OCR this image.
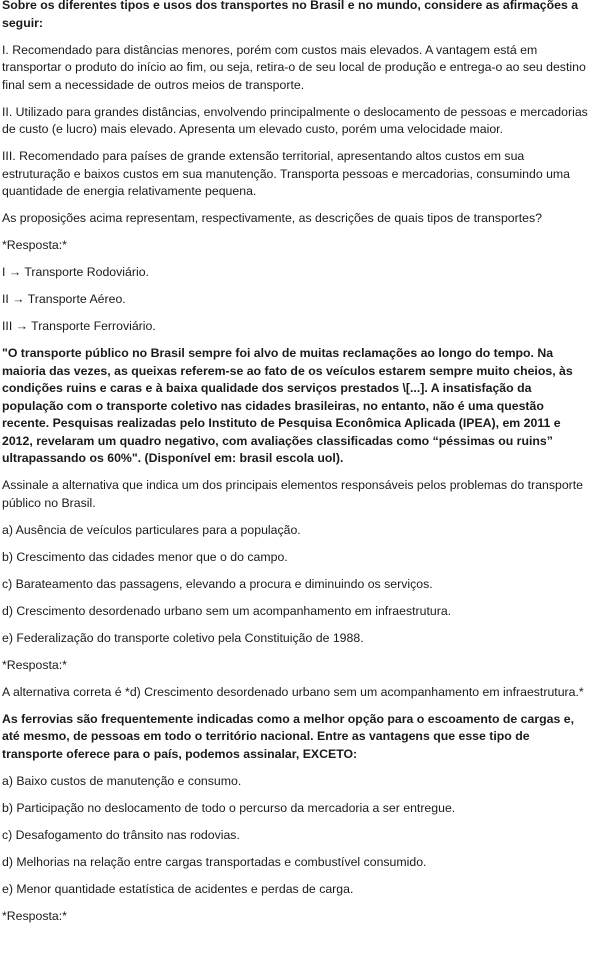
Sobre os diferentes tipos e usos dos transportes no Brasil e no mundo, considere as afirmações a seguir:

I. Recomendado para distâncias menores, porém com custos mais elevados. A vantagem está em transportar o produto do início ao fim, ou seja, retira-o de seu local de produção e entrega-o ao seu destino final sem a necessidade de outros meios de transporte.

II. Utilizado para grandes distâncias, envolvendo principalmente o deslocamento de pessoas e mercadorias de custo (e lucro) mais elevado. Apresenta um elevado custo, porém uma velocidade maior.

III. Recomendado para países de grande extensão territorial, apresentando altos custos em sua estruturação e baixos custos em sua manutenção. Transporta pessoas e mercadorias, consumindo uma quantidade de energia relativamente pequena.

As proposições acima representam, respectivamente, as descrições de quais tipos de transportes?

*Resposta:*

I → Transporte Rodoviário.

II → Transporte Aéreo.

III → Transporte Ferroviário.

"O transporte público no Brasil sempre foi alvo de muitas reclamações ao longo do tempo. Na maioria das vezes, as queixas referem-se ao fato de os veículos estarem sempre muito cheios, às condições ruins e caras e à baixa qualidade dos serviços prestados \[...]. A insatisfação da população com o transporte coletivo nas cidades brasileiras, no entanto, não é uma questão recente. Pesquisas realizadas pelo Instituto de Pesquisa Econômica Aplicada (IPEA), em 2011 e 2012, revelaram um quadro negativo, com avaliações classificadas como “péssimas ou ruins” ultrapassando os 60%". (Disponível em: brasil escola uol).

Assinale a alternativa que indica um dos principais elementos responsáveis pelos problemas do transporte público no Brasil.

a) Ausência de veículos particulares para a população.

b) Crescimento das cidades menor que o do campo.

c) Barateamento das passagens, elevando a procura e diminuindo os serviços.

d) Crescimento desordenado urbano sem um acompanhamento em infraestrutura.

e) Federalização do transporte coletivo pela Constituição de 1988.

*Resposta:*

A alternativa correta é *d) Crescimento desordenado urbano sem um acompanhamento em infraestrutura.*

As ferrovias são frequentemente indicadas como a melhor opção para o escoamento de cargas e, até mesmo, de pessoas em todo o território nacional. Entre as vantagens que esse tipo de transporte oferece para o país, podemos assinalar, EXCETO:

a) Baixo custos de manutenção e consumo.

b) Participação no deslocamento de todo o percurso da mercadoria a ser entregue.

c) Desafogamento do trânsito nas rodovias.

d) Melhorias na relação entre cargas transportadas e combustível consumido.

e) Menor quantidade estatística de acidentes e perdas de carga.

*Resposta:*
